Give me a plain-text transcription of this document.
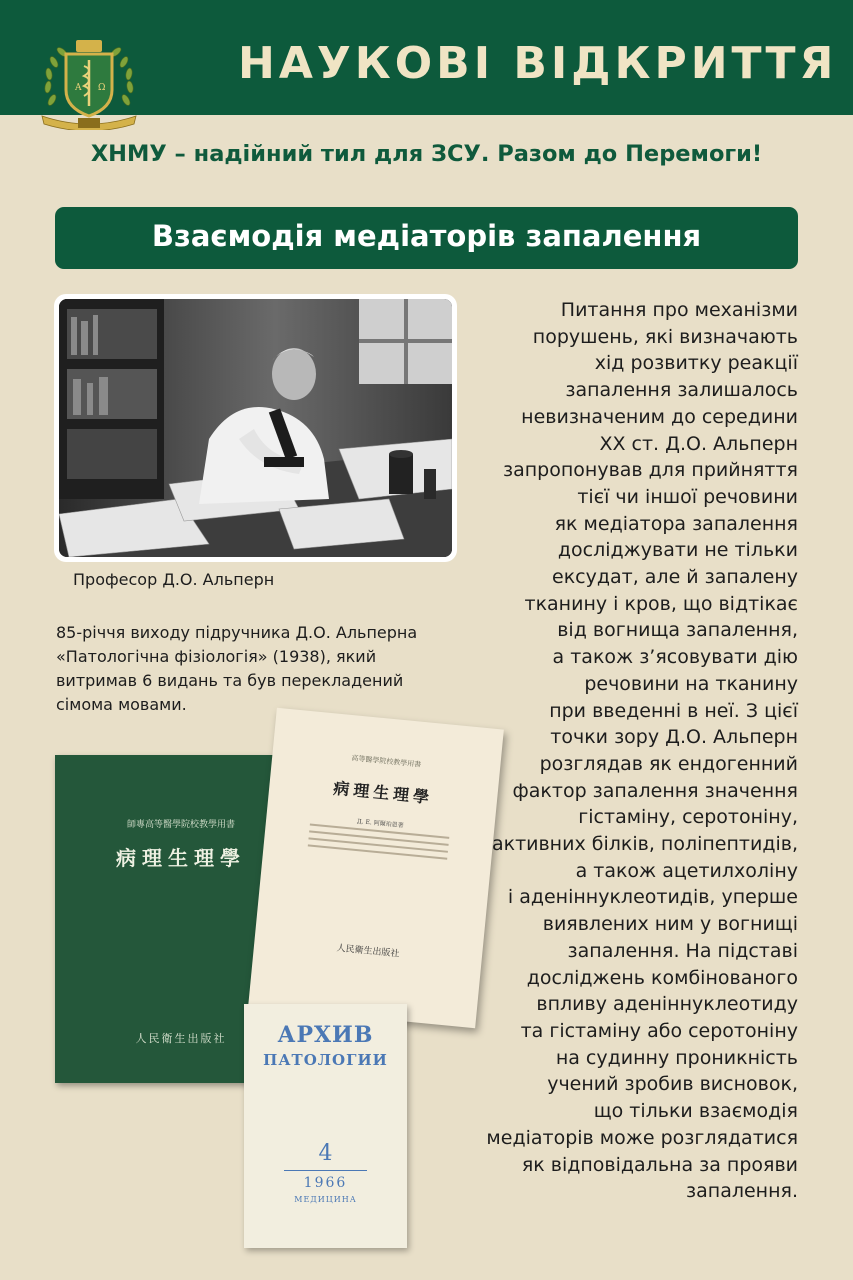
Α Ω	НАУКОВІ ВІДКРИТТЯ
ХНМУ – надійний тил для ЗСУ. Разом до Перемоги!
Взаємодія медіаторів запалення
Професор Д.О. Альперн
85-річчя виходу підручника Д.О. Альперна
«Патологічна фізіологія» (1938), який
витримав 6 видань та був перекладений
сімома мовами.
Питання про механізми
порушень, які визначають
хід розвитку реакції
запалення залишалось
невизначеним до середини
XX ст. Д.О. Альперн
запропонував для прийняття
тієї чи іншої речовини
як медіатора запалення
досліджувати не тільки
ексудат, але й запалену
тканину і кров, що відтікає
від вогнища запалення,
а також з’ясовувати дію
речовини на тканину
при введенні в неї. З цієї
точки зору Д.О. Альперн
розглядав як ендогенний
фактор запалення значення
гістаміну, серотоніну,
активних білків, поліпептидів,
а також ацетилхоліну
і аденіннуклеотидів, уперше
виявлених ним у вогнищі
запалення. На підставі
досліджень комбінованого
впливу аденіннуклеотиду
та гістаміну або серотоніну
на судинну проникність
учений зробив висновок,
що тільки взаємодія
медіаторів може розглядатися
як відповідальна за прояви
запалення.
師專高等醫學院校教學用書
病理生理學
人民衛生出版社
高等醫學院校教學用書
病理生理學
Д. Е. 阿爾珀恩著
人民衛生出版社
АРХИВ
ПАТОЛОГИИ
4
1966
МЕДИЦИНА
